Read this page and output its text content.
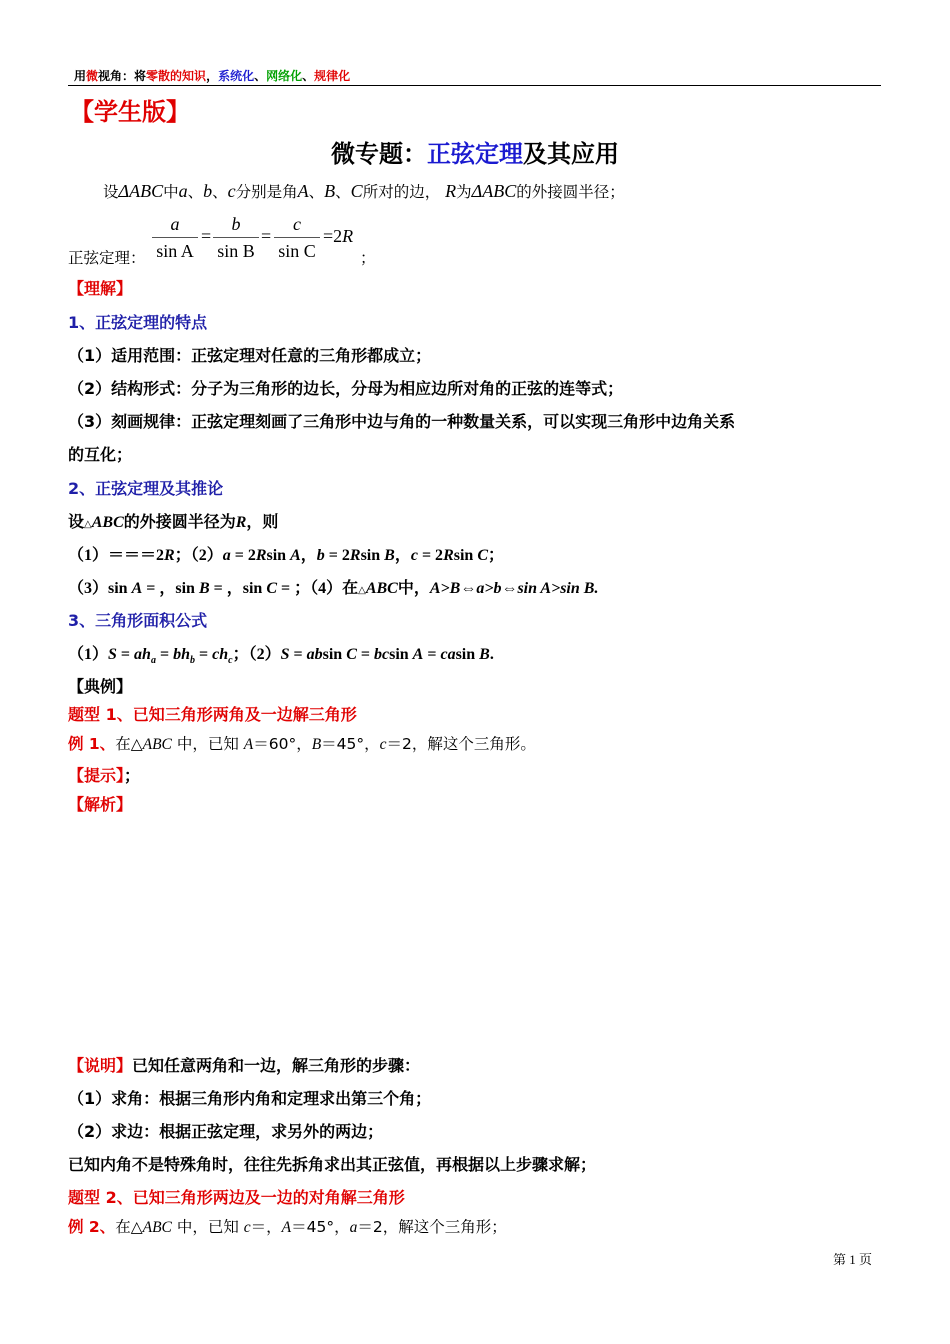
用微视角：将零散的知识，系统化、网络化、规律化
【学生版】
微专题：正弦定理及其应用
设ΔABC中a、b、c分别是角A、B、C所对的边， R为ΔABC的外接圆半径；
正弦定理：
a
sin A
=
b
sin B
=
c
sin C
=2R
；
【理解】
1、正弦定理的特点
（1）适用范围：正弦定理对任意的三角形都成立；
（2）结构形式：分子为三角形的边长，分母为相应边所对角的正弦的连等式；
（3）刻画规律：正弦定理刻画了三角形中边与角的一种数量关系，可以实现三角形中边角关系
的互化；
2、正弦定理及其推论
设△ABC的外接圆半径为R，则
（1）＝＝＝2R；（2）a = 2Rsin A，b = 2Rsin B，c = 2Rsin C；
（3）sin A = ，sin B = ，sin C = ；（4）在△ABC中，A>B⇔a>b⇔sin A>sin B.
3、三角形面积公式
$(1)S = ah_a = bh_b = ch_c$；（2）S = absin C = bcsin A = casin B.
【典例】
题型 1、已知三角形两角及一边解三角形
例 1、在△ABC 中，已知 A＝60°，B＝45°，c＝2，解这个三角形。
【提示】；
【解析】
【说明】已知任意两角和一边，解三角形的步骤：
（1）求角：根据三角形内角和定理求出第三个角；
（2）求边：根据正弦定理，求另外的两边；
已知内角不是特殊角时，往往先拆角求出其正弦值，再根据以上步骤求解；
题型 2、已知三角形两边及一边的对角解三角形
例 2、在△ABC 中，已知 c＝，A＝45°，a＝2，解这个三角形；
第 1 页
